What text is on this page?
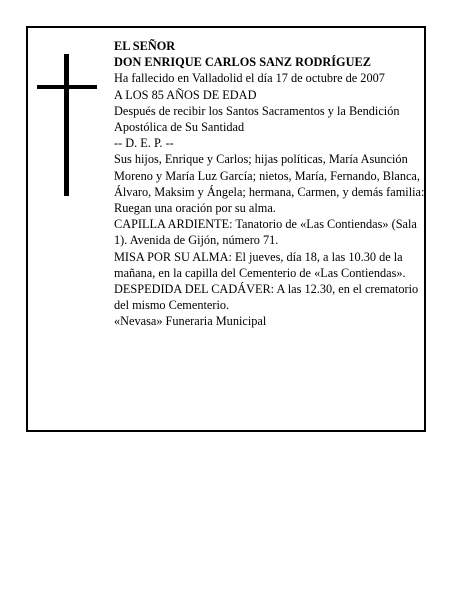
EL SEÑOR

DON ENRIQUE CARLOS SANZ RODRÍGUEZ

Ha fallecido en Valladolid el día 17 de octubre de 2007

A LOS 85 AÑOS DE EDAD

Después de recibir los Santos Sacramentos y la Bendición Apostólica de Su Santidad

-- D. E. P. --

Sus hijos, Enrique y Carlos; hijas políticas, María Asunción Moreno y María Luz García; nietos, María, Fernando, Blanca, Álvaro, Maksim y Ángela; hermana, Carmen, y demás familia:

Ruegan una oración por su alma.

CAPILLA ARDIENTE: Tanatorio de «Las Contiendas» (Sala 1). Avenida de Gijón, número 71.

MISA POR SU ALMA: El jueves, día 18, a las 10.30 de la mañana, en la capilla del Cementerio de «Las Contiendas».

DESPEDIDA DEL CADÁVER: A las 12.30, en el crematorio del mismo Cementerio.

«Nevasa» Funeraria Municipal
